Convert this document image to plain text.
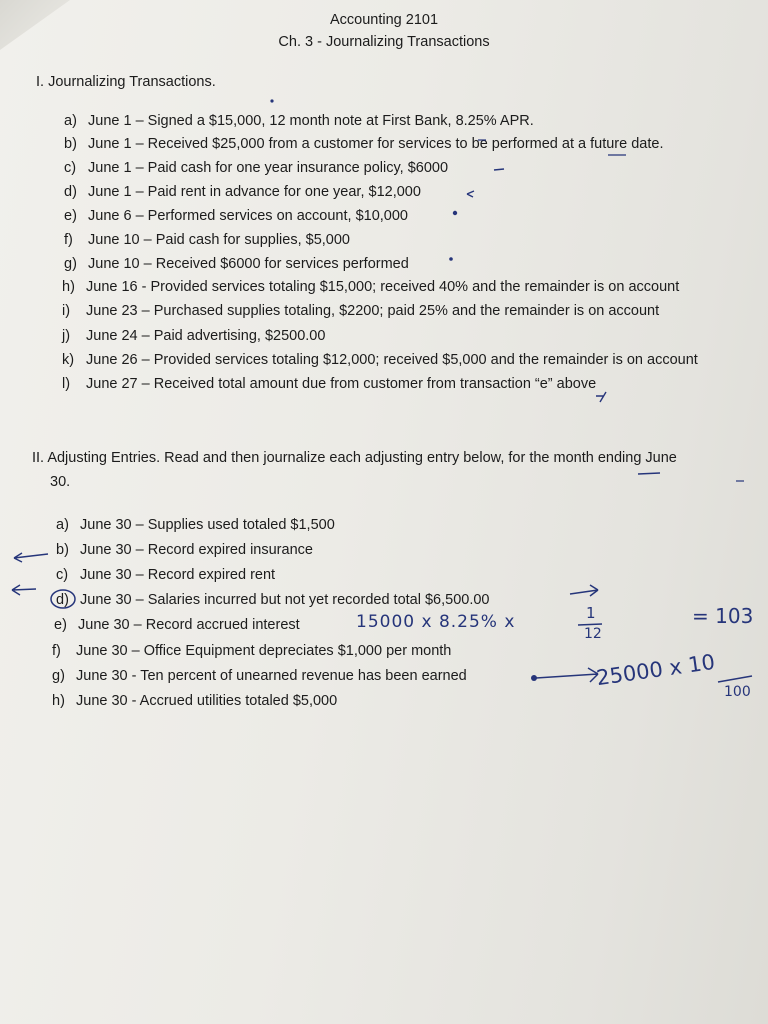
Accounting 2101
Ch. 3 - Journalizing Transactions
I. Journalizing Transactions.
a) June 1 – Signed a $15,000, 12 month note at First Bank, 8.25% APR.
b) June 1 – Received $25,000 from a customer for services to be performed at a future date.
c) June 1 – Paid cash for one year insurance policy, $6000
d) June 1 – Paid rent in advance for one year, $12,000
e) June 6 – Performed services on account, $10,000
f) June 10 – Paid cash for supplies, $5,000
g) June 10 – Received $6000 for services performed
h) June 16 - Provided services totaling $15,000; received 40% and the remainder is on account
i) June 23 – Purchased supplies totaling, $2200; paid 25% and the remainder is on account
j) June 24 – Paid advertising, $2500.00
k) June 26 – Provided services totaling $12,000; received $5,000 and the remainder is on account
l) June 27 – Received total amount due from customer from transaction “e” above
II. Adjusting Entries. Read and then journalize each adjusting entry below, for the month ending June
30.
a) June 30 – Supplies used totaled $1,500
b) June 30 – Record expired insurance
c) June 30 – Record expired rent
d) June 30 – Salaries incurred but not yet recorded total $6,500.00
e) June 30 – Record accrued interest
f) June 30 – Office Equipment depreciates $1,000 per month
g) June 30 - Ten percent of unearned revenue has been earned
h) June 30 - Accrued utilities totaled $5,000
15000 x 8.25% x	1
12
= 103
25000 x 10
100
